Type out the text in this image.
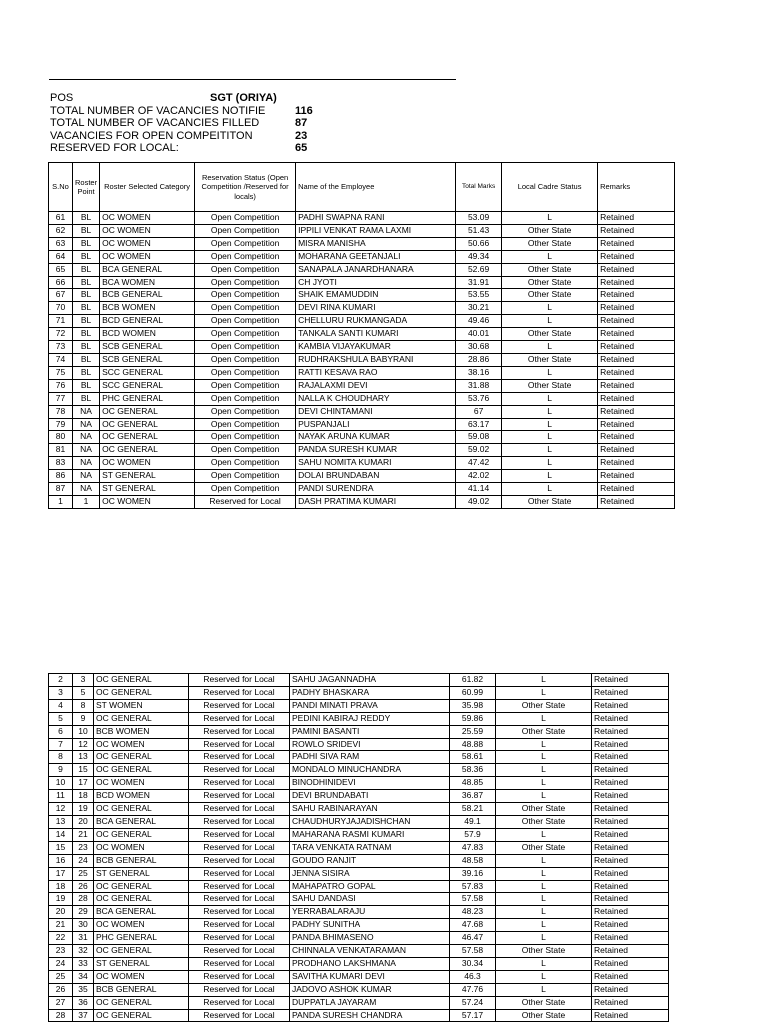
POS	SGT (ORIYA)
TOTAL NUMBER OF VACANCIES NOTIFIE	116
TOTAL NUMBER OF VACANCIES FILLED	87
VACANCIES FOR OPEN COMPEITITON	23
RESERVED FOR LOCAL:	65
S.No	Roster Point	Roster Selected Category	Reservation Status (Open Competition /Reserved for locals)	Name of the Employee	Total Marks	Local Cadre Status	Remarks
61	BL	OC WOMEN	Open Competition	PADHI SWAPNA RANI	53.09	L	Retained
62	BL	OC WOMEN	Open Competition	IPPILI VENKAT RAMA LAXMI	51.43	Other State	Retained
63	BL	OC WOMEN	Open Competition	MISRA MANISHA	50.66	Other State	Retained
64	BL	OC WOMEN	Open Competition	MOHARANA GEETANJALI	49.34	L	Retained
65	BL	BCA GENERAL	Open Competition	SANAPALA JANARDHANARA	52.69	Other State	Retained
66	BL	BCA WOMEN	Open Competition	CH JYOTI	31.91	Other State	Retained
67	BL	BCB GENERAL	Open Competition	SHAIK EMAMUDDIN	53.55	Other State	Retained
70	BL	BCB WOMEN	Open Competition	DEVI RINA KUMARI	30.21	L	Retained
71	BL	BCD GENERAL	Open Competition	CHELLURU RUKMANGADA	49.46	L	Retained
72	BL	BCD WOMEN	Open Competition	TANKALA SANTI KUMARI	40.01	Other State	Retained
73	BL	SCB GENERAL	Open Competition	KAMBIA VIJAYAKUMAR	30.68	L	Retained
74	BL	SCB GENERAL	Open Competition	RUDHRAKSHULA BABYRANI	28.86	Other State	Retained
75	BL	SCC GENERAL	Open Competition	RATTI KESAVA RAO	38.16	L	Retained
76	BL	SCC GENERAL	Open Competition	RAJALAXMI DEVI	31.88	Other State	Retained
77	BL	PHC GENERAL	Open Competition	NALLA K CHOUDHARY	53.76	L	Retained
78	NA	OC GENERAL	Open Competition	DEVI CHINTAMANI	67	L	Retained
79	NA	OC GENERAL	Open Competition	PUSPANJALI	63.17	L	Retained
80	NA	OC GENERAL	Open Competition	NAYAK ARUNA KUMAR	59.08	L	Retained
81	NA	OC GENERAL	Open Competition	PANDA SURESH KUMAR	59.02	L	Retained
83	NA	OC WOMEN	Open Competition	SAHU NOMITA KUMARI	47.42	L	Retained
86	NA	ST GENERAL	Open Competition	DOLAI BRUNDABAN	42.02	L	Retained
87	NA	ST GENERAL	Open Competition	PANDI SURENDRA	41.14	L	Retained
1	1	OC WOMEN	Reserved for Local	DASH PRATIMA KUMARI	49.02	Other State	Retained
2	3	OC GENERAL	Reserved for Local	SAHU JAGANNADHA	61.82	L	Retained
3	5	OC GENERAL	Reserved for Local	PADHY BHASKARA	60.99	L	Retained
4	8	ST WOMEN	Reserved for Local	PANDI MINATI PRAVA	35.98	Other State	Retained
5	9	OC GENERAL	Reserved for Local	PEDINI KABIRAJ REDDY	59.86	L	Retained
6	10	BCB WOMEN	Reserved for Local	PAMINI BASANTI	25.59	Other State	Retained
7	12	OC WOMEN	Reserved for Local	ROWLO SRIDEVI	48.88	L	Retained
8	13	OC GENERAL	Reserved for Local	PADHI SIVA RAM	58.61	L	Retained
9	15	OC GENERAL	Reserved for Local	MONDALO MINUCHANDRA	58.36	L	Retained
10	17	OC WOMEN	Reserved for Local	BINODHINIDEVI	48.85	L	Retained
11	18	BCD WOMEN	Reserved for Local	DEVI BRUNDABATI	36.87	L	Retained
12	19	OC GENERAL	Reserved for Local	SAHU RABINARAYAN	58.21	Other State	Retained
13	20	BCA GENERAL	Reserved for Local	CHAUDHURYJAJADISHCHAN	49.1	Other State	Retained
14	21	OC GENERAL	Reserved for Local	MAHARANA RASMI KUMARI	57.9	L	Retained
15	23	OC WOMEN	Reserved for Local	TARA VENKATA RATNAM	47.83	Other State	Retained
16	24	BCB GENERAL	Reserved for Local	GOUDO RANJIT	48.58	L	Retained
17	25	ST GENERAL	Reserved for Local	JENNA SISIRA	39.16	L	Retained
18	26	OC GENERAL	Reserved for Local	MAHAPATRO GOPAL	57.83	L	Retained
19	28	OC GENERAL	Reserved for Local	SAHU DANDASI	57.58	L	Retained
20	29	BCA GENERAL	Reserved for Local	YERRABALARAJU	48.23	L	Retained
21	30	OC WOMEN	Reserved for Local	PADHY SUNITHA	47.68	L	Retained
22	31	PHC GENERAL	Reserved for Local	PANDA BHIMASENO	46.47	L	Retained
23	32	OC GENERAL	Reserved for Local	CHINNALA VENKATARAMAN	57.58	Other State	Retained
24	33	ST GENERAL	Reserved for Local	PRODHANO LAKSHMANA	30.34	L	Retained
25	34	OC WOMEN	Reserved for Local	SAVITHA KUMARI DEVI	46.3	L	Retained
26	35	BCB GENERAL	Reserved for Local	JADOVO ASHOK KUMAR	47.76	L	Retained
27	36	OC GENERAL	Reserved for Local	DUPPATLA JAYARAM	57.24	Other State	Retained
28	37	OC GENERAL	Reserved for Local	PANDA SURESH CHANDRA	57.17	Other State	Retained
